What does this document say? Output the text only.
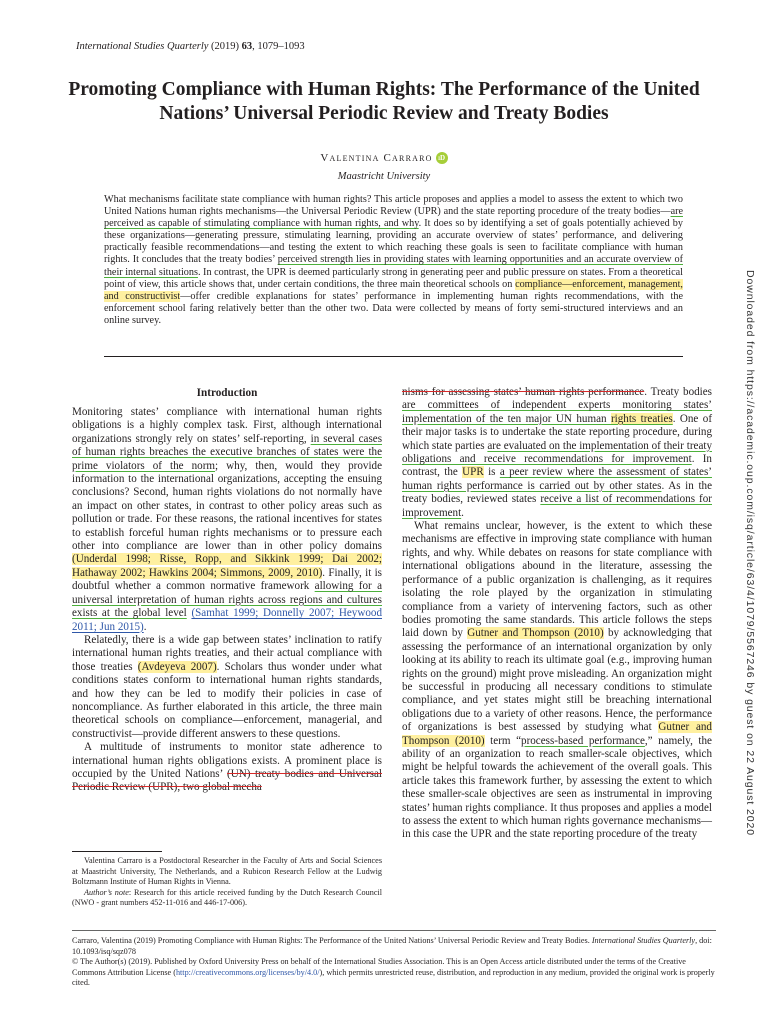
International Studies Quarterly (2019) 63, 1079–1093
Promoting Compliance with Human Rights: The Performance of the United Nations’ Universal Periodic Review and Treaty Bodies
Valentina Carraro iD
Maastricht University

What mechanisms facilitate state compliance with human rights? This article proposes and applies a model to assess the extent to which two United Nations human rights mechanisms—the Universal Periodic Review (UPR) and the state reporting procedure of the treaty bodies—are perceived as capable of stimulating compliance with human rights, and why. It does so by identifying a set of goals potentially achieved by these organizations—generating pressure, stimulating learning, providing an accurate overview of states’ performance, and delivering practically feasible recommendations—and testing the extent to which reaching these goals is seen to facilitate compliance with human rights. It concludes that the treaty bodies’ perceived strength lies in providing states with learning opportunities and an accurate overview of their internal situations. In contrast, the UPR is deemed particularly strong in generating peer and public pressure on states. From a theoretical point of view, this article shows that, under certain conditions, the three main theoretical schools on compliance—enforcement, management, and constructivist—offer credible explanations for states’ performance in implementing human rights recommendations, with the enforcement school faring relatively better than the other two. Data were collected by means of forty semi-structured interviews and an online survey.	Downloaded from https://academic.oup.com/isq/article/63/4/1079/5567246 by guest on 22 August 2020
Introduction

Monitoring states’ compliance with international human rights obligations is a highly complex task. First, although international organizations strongly rely on states’ self-reporting, in several cases of human rights breaches the executive branches of states were the prime violators of the norm; why, then, would they provide information to the international organizations, accepting the ensuing conclusions? Second, human rights violations do not normally have an impact on other states, in contrast to other policy areas such as pollution or trade. For these reasons, the rational incentives for states to establish forceful human rights mechanisms or to pressure each other into compliance are lower than in other policy domains (Underdal 1998; Risse, Ropp, and Sikkink 1999; Dai 2002; Hathaway 2002; Hawkins 2004; Simmons, 2009, 2010). Finally, it is doubtful whether a common normative framework allowing for a universal interpretation of human rights across regions and cultures exists at the global level (Samhat 1999; Donnelly 2007; Heywood 2011; Jun 2015).

Relatedly, there is a wide gap between states’ inclination to ratify international human rights treaties, and their actual compliance with those treaties (Avdeyeva 2007). Scholars thus wonder under what conditions states conform to international human rights standards, and how they can be led to modify their policies in case of noncompliance. As further elaborated in this article, the three main theoretical schools on compliance—enforcement, managerial, and constructivist—provide different answers to these questions.

A multitude of instruments to monitor state adherence to international human rights obligations exists. A prominent place is occupied by the United Nations’ (UN) treaty bodies and Universal Periodic Review (UPR), two global mecha

nisms for assessing states’ human rights performance. Treaty bodies are committees of independent experts monitoring states’ implementation of the ten major UN human rights treaties. One of their major tasks is to undertake the state reporting procedure, during which state parties are evaluated on the implementation of their treaty obligations and receive recommendations for improvement. In contrast, the UPR is a peer review where the assessment of states’ human rights performance is carried out by other states. As in the treaty bodies, reviewed states receive a list of recommendations for improvement.

What remains unclear, however, is the extent to which these mechanisms are effective in improving state compliance with human rights, and why. While debates on reasons for state compliance with international obligations abound in the literature, assessing the performance of a public organization is challenging, as it requires isolating the role played by the organization in stimulating compliance from a variety of intervening factors, such as other bodies promoting the same standards. This article follows the steps laid down by Gutner and Thompson (2010) by acknowledging that assessing the performance of an international organization by only looking at its ability to reach its ultimate goal (e.g., improving human rights on the ground) might prove misleading. An organization might be successful in producing all necessary conditions to stimulate compliance, and yet states might still be breaching international obligations due to a variety of other reasons. Hence, the performance of organizations is best assessed by studying what Gutner and Thompson (2010) term “process-based performance,” namely, the ability of an organization to reach smaller-scale objectives, which might be helpful towards the achievement of the overall goals. This article takes this framework further, by assessing the extent to which these smaller-scale objectives are seen as instrumental in improving states’ human rights compliance. It thus proposes and applies a model to assess the extent to which human rights governance mechanisms—in this case the UPR and the state reporting procedure of the treaty

Valentina Carraro is a Postdoctoral Researcher in the Faculty of Arts and Social Sciences at Maastricht University, The Netherlands, and a Rubicon Research Fellow at the Ludwig Boltzmann Institute of Human Rights in Vienna.

Author’s note: Research for this article received funding by the Dutch Research Council (NWO - grant numbers 452-11-016 and 446-17-006).

Carraro, Valentina (2019) Promoting Compliance with Human Rights: The Performance of the United Nations’ Universal Periodic Review and Treaty Bodies. International Studies Quarterly, doi: 10.1093/isq/sqz078

© The Author(s) (2019). Published by Oxford University Press on behalf of the International Studies Association. This is an Open Access article distributed under the terms of the Creative Commons Attribution License (http://creativecommons.org/licenses/by/4.0/), which permits unrestricted reuse, distribution, and reproduction in any medium, provided the original work is properly cited.
